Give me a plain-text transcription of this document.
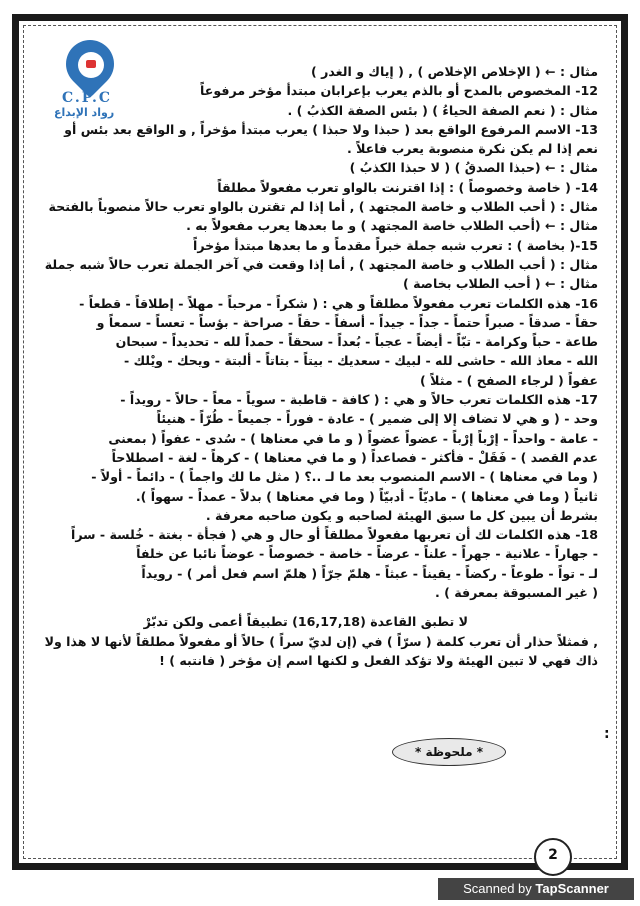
C.P.C
رواد الإبداع
مثال : ← ( الإخلاص الإخلاص ) , ( إياك و الغدر )
12- المخصوص بالمدح أو بالذم يعرب بإعرابان مبتدأ مؤخر مرفوعاً
مثال : ( نعم الصفة الحياءُ ) ( بئس الصفة الكذبُ ) .
13- الاسم المرفوع الواقع بعد ( حبذا ولا حبذا ) يعرب مبتدأ مؤخراً , و الواقع بعد بئس أو
نعم إذا لم يكن نكرة منصوبة يعرب فاعلاً .
مثال : ← (حبذا الصدقُ ) ( لا حبذا الكذبُ )
14- ( خاصة وخصوصاً ) : إذا اقترنت بالواو تعرب مفعولاً مطلقاً
مثال : ( أحب الطلاب و خاصة المجتهد ) , أما إذا لم تقترن بالواو تعرب حالاً منصوباً بالفتحة
مثال : ← (أحب الطلاب خاصة المجتهد ) و ما بعدها يعرب مفعولاً به .
15-( بخاصة ) : تعرب شبه جملة خبراً مقدماً و ما بعدها مبتدأ مؤخراً
مثال : ( أحب الطلاب و خاصة المجتهد ) , أما إذا وقعت في آخر الجملة تعرب حالاً شبه جملة
مثال : ← ( أحب الطلاب بخاصة )
16- هذه الكلمات تعرب مفعولاً مطلقاً و هي : ( شكراً - مرحباً - مهلاً - إطلاقاً - قطعاً -
حقاً - صدقاً - صبراً حتماً - جداً - جيداً - أسفاً - حقاً - صراحة - بؤساً - تعساً - سمعاً و
طاعة - حباً وكرامة - تبّاً - أيضاً - عجباً - بُعداً - سحقاً - حمداً لله - تحديداً - سبحان
الله - معاذ الله - حاشى لله - لبيك - سعديك - بيتاً - بتاتاً - ألبتة - ويحك - ويْلك -
عفواً ( لرجاء الصفح ) - مثلاً )
17- هذه الكلمات تعرب حالاً و هي : ( كافة - قاطبة - سوياً - معاً - حالاً - رويداً -
وحد - ( و هي لا تضاف إلا إلى ضمير ) - عادة - فوراً - جميعاً - طُرّاً - هنيئاً
- عامة - واحداً - إرْباً إرْباً - عضواً عضواً ( و ما في معناها ) - سُدى - عفواً ( بمعنى
عدم القصد ) - فَقَلْ - فأكثر - فصاعداً ( و ما في معناها ) - كرهاً - لغة - اصطلاحاً
( وما في معناها ) - الاسم المنصوب بعد ما لـ ..؟ ( مثل ما لك واجماً ) - دائماً - أولاً -
ثانياً ( وما في معناها ) - ماديّاً - أدبيّاً ( وما في معناها ) بدلاً - عمداً - سهواً ).
بشرط أن يبين كل ما سبق الهيئة لصاحبه و يكون صاحبه معرفة .
18- هذه الكلمات لك أن تعربها مفعولاً مطلقاً أو حال و هي ( فجأة - بغتة - خُلسة - سراً
- جهاراً - علانية - جهراً - علناً - عرضاً - خاصة - خصوصاً - عوضاً نائبا عن خلفاً
لـ - تواً - طوعاً - ركضاً - يقيناً - عبثاً - هلمّ جرّاً ( هلمّ اسم فعل أمر ) - رويداً
( غير المسبوقة بمعرفة ) .
لا تطبق القاعدة (16,17,18) تطبيقاً أعمى ولكن تدبّرْ
, فمثلاً حذار أن تعرب كلمة ( سرّاً ) في (إن لديّ سراً ) حالاً أو مفعولاً مطلقاً لأنها لا هذا ولا
ذاك فهي لا تبين الهيئة ولا تؤكد الفعل و لكنها اسم إن مؤخر ( فانتبه ) !
:
* ملحوظة *
2
Scanned by TapScanner
